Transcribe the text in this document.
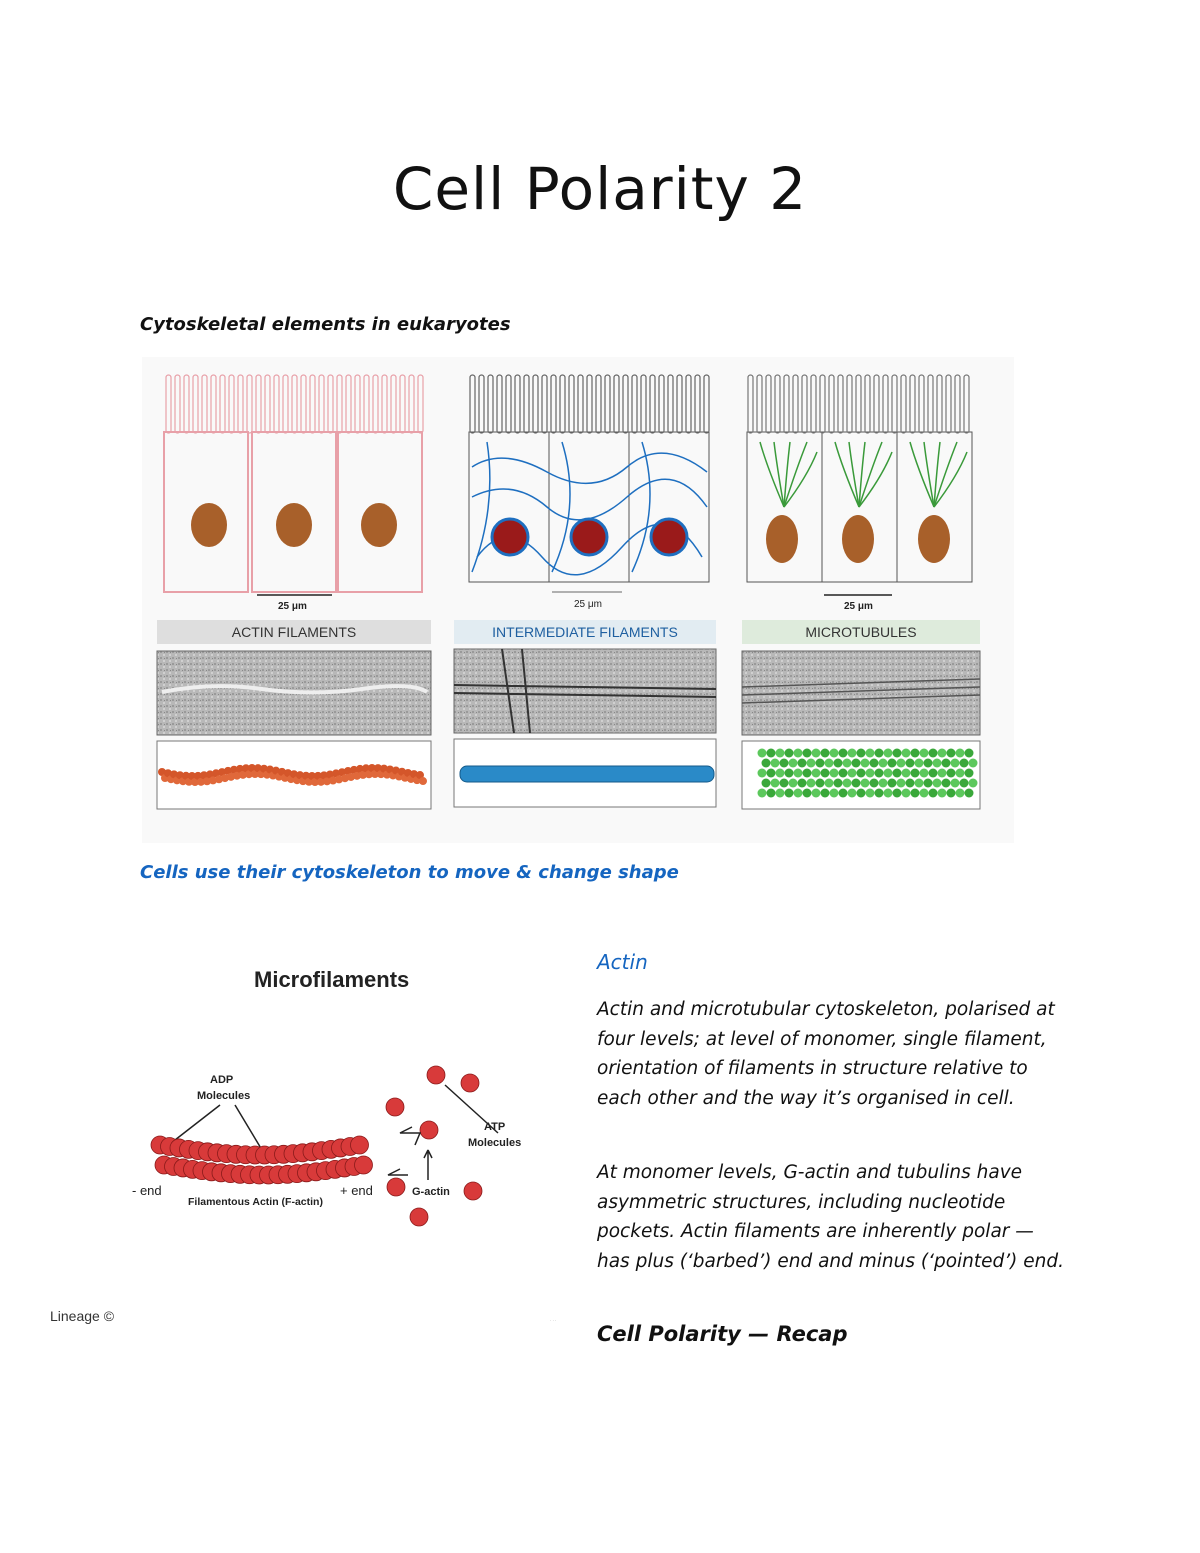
Cell Polarity 2
Cytoskeletal elements in eukaryotes
25 μm	25 μm	25 μm
ACTIN FILAMENTS	INTERMEDIATE FILAMENTS	MICROTUBULES
Cells use their cytoskeleton to move & change shape
Microfilaments
ADP
Molecules
ATP
Molecules
G-actin
- end	+ end
Filamentous Actin (F-actin)
Lineage ©	· · ·
Actin

Actin and microtubular cytoskeleton, polarised at four levels; at level of monomer, single filament, orientation of filaments in structure relative to each other and the way it’s organised in cell.

At monomer levels, G-actin and tubulins have asymmetric structures, including nucleotide pockets. Actin filaments are inherently polar — has plus (‘barbed’) end and minus (‘pointed’) end.

Cell Polarity — Recap
